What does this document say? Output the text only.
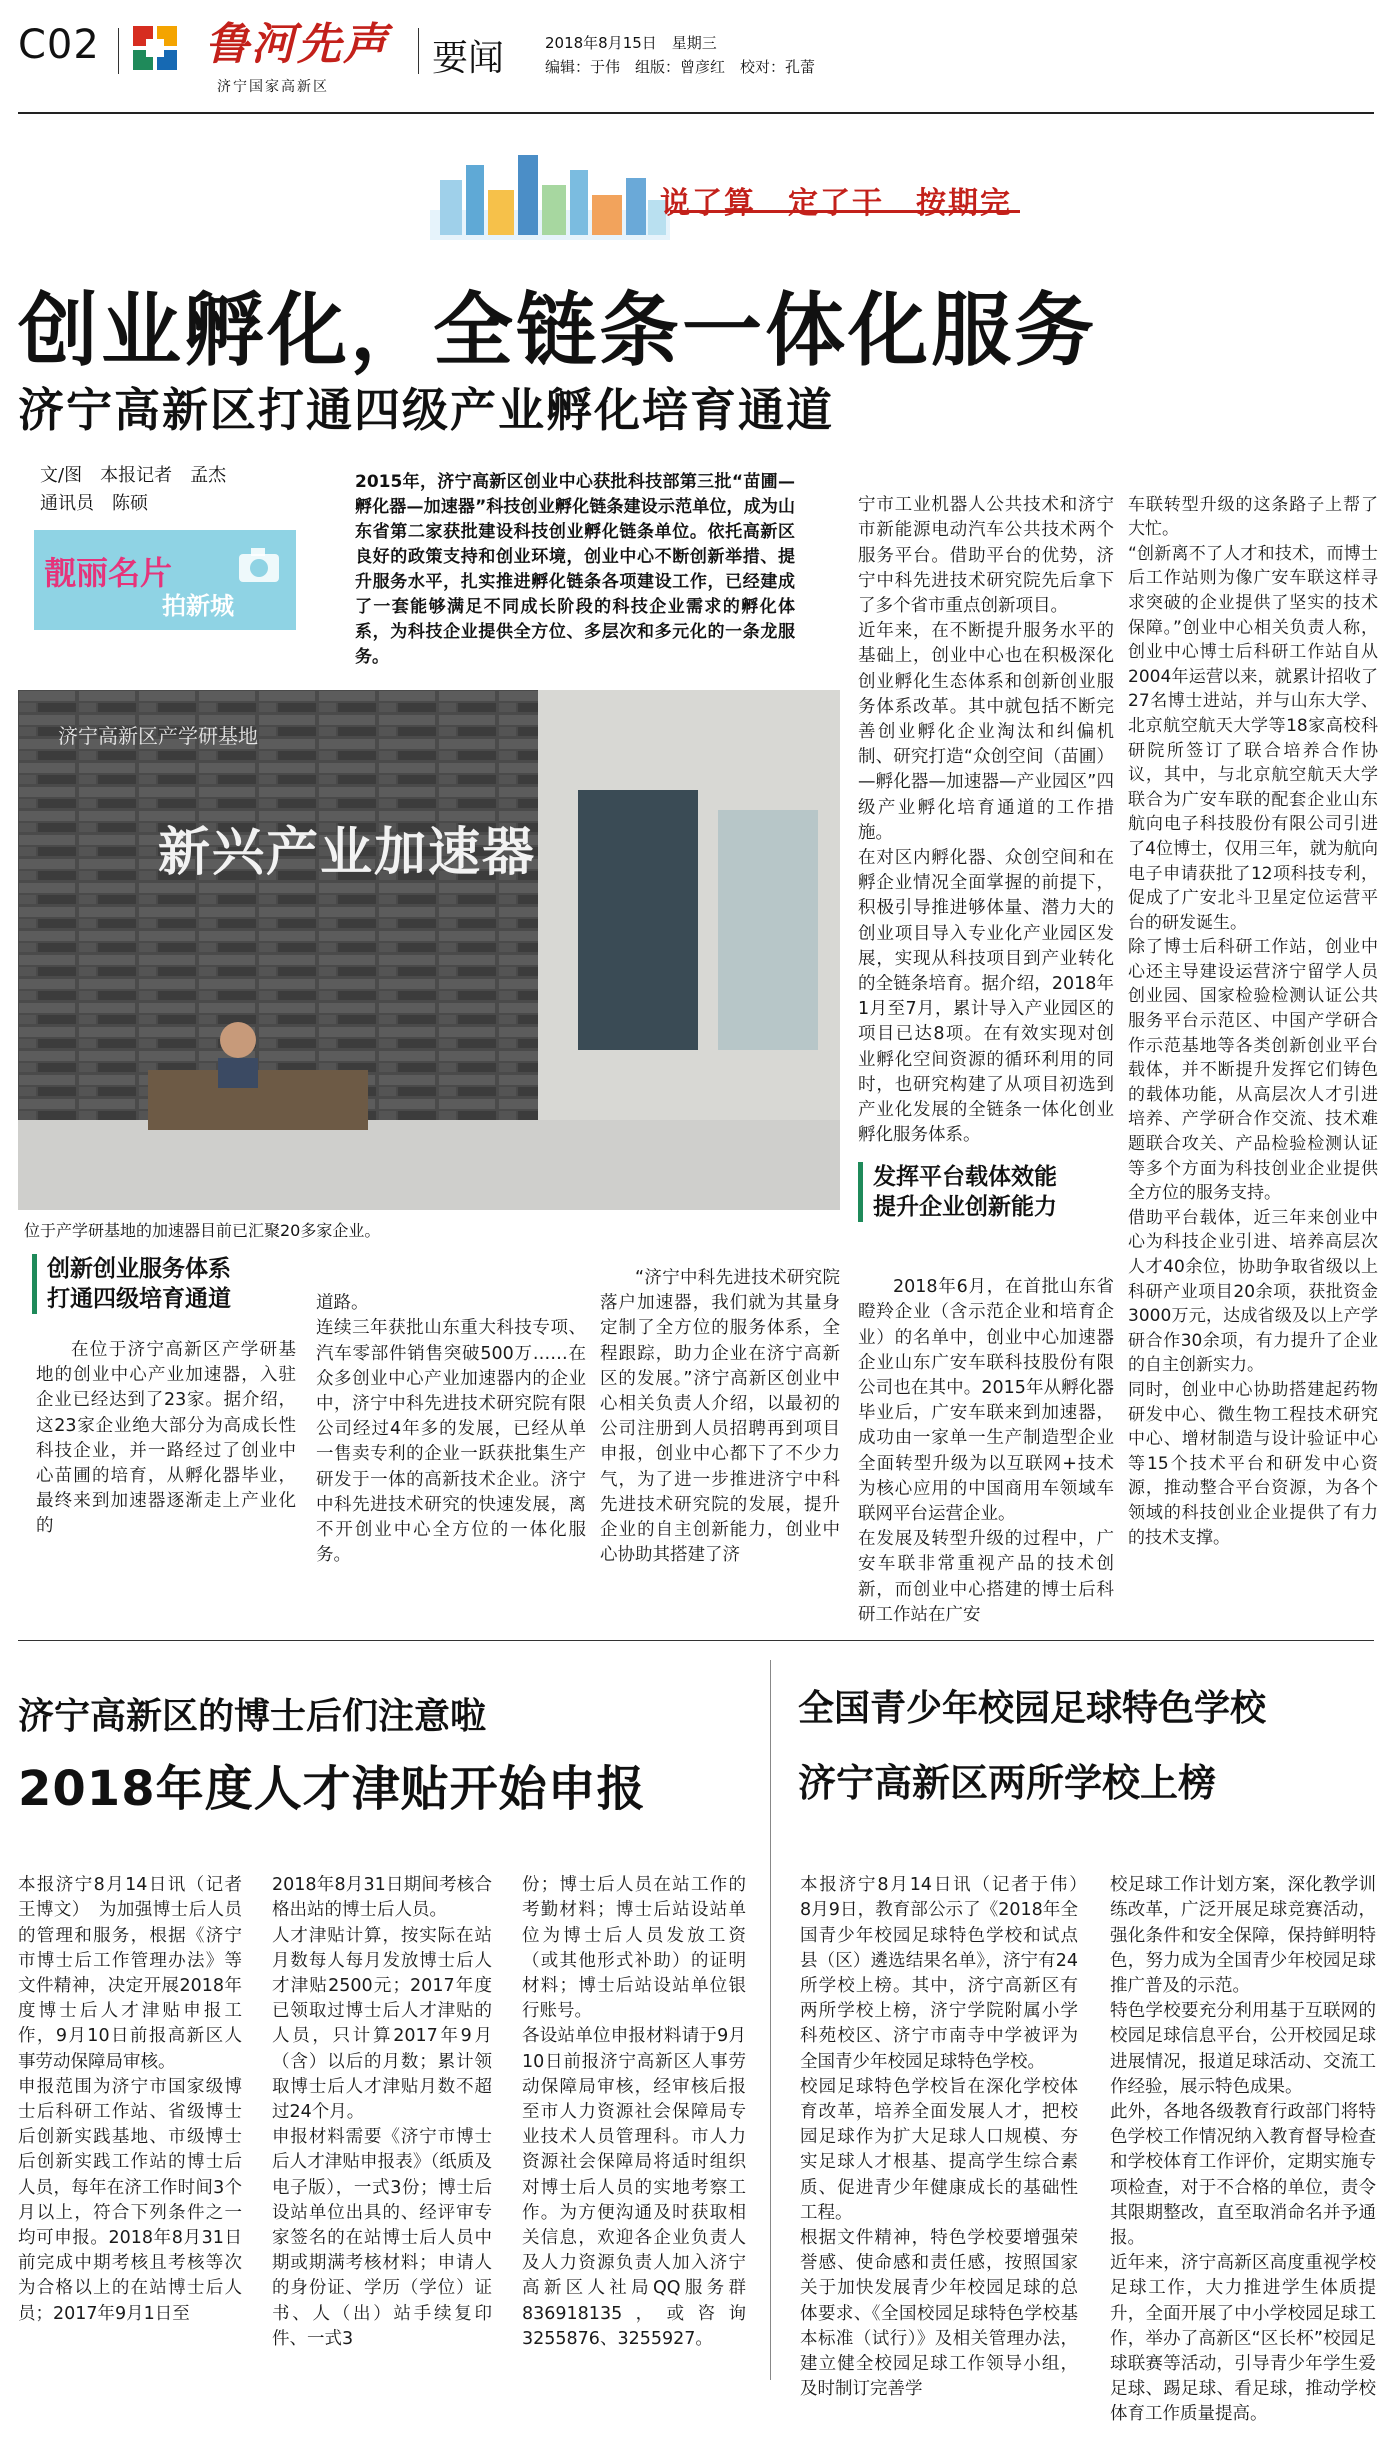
C02 鲁河先声
济宁国家高新区
要闻	2018年8月15日　星期三
编辑：于伟　组版：曾彦红　校对：孔蕾
说了算　定了干　按期完
创业孵化，全链条一体化服务
济宁高新区打通四级产业孵化培育通道
文/图　本报记者　孟杰
通讯员　陈硕
靓丽名片
拍新城
2015年，济宁高新区创业中心获批科技部第三批“苗圃—孵化器—加速器”科技创业孵化链条建设示范单位，成为山东省第二家获批建设科技创业孵化链条单位。依托高新区良好的政策支持和创业环境，创业中心不断创新举措、提升服务水平，扎实推进孵化链条各项建设工作，已经建成了一套能够满足不同成长阶段的科技企业需求的孵化体系，为科技企业提供全方位、多层次和多元化的一条龙服务。
济宁高新区产学研基地
新兴产业加速器
位于产学研基地的加速器目前已汇聚20多家企业。
创新创业服务体系
打通四级培育通道

在位于济宁高新区产学研基地的创业中心产业加速器，入驻企业已经达到了23家。据介绍，这23家企业绝大部分为高成长性科技企业，并一路经过了创业中心苗圃的培育，从孵化器毕业，最终来到加速器逐渐走上产业化的

道路。
连续三年获批山东重大科技专项、汽车零部件销售突破500万……在众多创业中心产业加速器内的企业中，济宁中科先进技术研究院有限公司经过4年多的发展，已经从单一售卖专利的企业一跃获批集生产研发于一体的高新技术企业。济宁中科先进技术研究的快速发展，离不开创业中心全方位的一体化服务。

“济宁中科先进技术研究院落户加速器，我们就为其量身定制了全方位的服务体系，全程跟踪，助力企业在济宁高新区的发展。”济宁高新区创业中心相关负责人介绍，以最初的公司注册到人员招聘再到项目申报，创业中心都下了不少力气，为了进一步推进济宁中科先进技术研究院的发展，提升企业的自主创新能力，创业中心协助其搭建了济

宁市工业机器人公共技术和济宁市新能源电动汽车公共技术两个服务平台。借助平台的优势，济宁中科先进技术研究院先后拿下了多个省市重点创新项目。
近年来，在不断提升服务水平的基础上，创业中心也在积极深化创业孵化生态体系和创新创业服务体系改革。其中就包括不断完善创业孵化企业淘汰和纠偏机制、研究打造“众创空间（苗圃）—孵化器—加速器—产业园区”四级产业孵化培育通道的工作措施。
在对区内孵化器、众创空间和在孵企业情况全面掌握的前提下，积极引导推进够体量、潜力大的创业项目导入专业化产业园区发展，实现从科技项目到产业转化的全链条培育。据介绍，2018年1月至7月，累计导入产业园区的项目已达8项。在有效实现对创业孵化空间资源的循环利用的同时，也研究构建了从项目初选到产业化发展的全链条一体化创业孵化服务体系。

发挥平台载体效能
提升企业创新能力

2018年6月，在首批山东省瞪羚企业（含示范企业和培育企业）的名单中，创业中心加速器企业山东广安车联科技股份有限公司也在其中。2015年从孵化器毕业后，广安车联来到加速器，成功由一家单一生产制造型企业全面转型升级为以互联网+技术为核心应用的中国商用车领域车联网平台运营企业。
在发展及转型升级的过程中，广安车联非常重视产品的技术创新，而创业中心搭建的博士后科研工作站在广安

车联转型升级的这条路子上帮了大忙。
“创新离不了人才和技术，而博士后工作站则为像广安车联这样寻求突破的企业提供了坚实的技术保障。”创业中心相关负责人称，创业中心博士后科研工作站自从2004年运营以来，就累计招收了27名博士进站，并与山东大学、北京航空航天大学等18家高校科研院所签订了联合培养合作协议，其中，与北京航空航天大学联合为广安车联的配套企业山东航向电子科技股份有限公司引进了4位博士，仅用三年，就为航向电子申请获批了12项科技专利，促成了广安北斗卫星定位运营平台的研发诞生。
除了博士后科研工作站，创业中心还主导建设运营济宁留学人员创业园、国家检验检测认证公共服务平台示范区、中国产学研合作示范基地等各类创新创业平台载体，并不断提升发挥它们铸色的载体功能，从高层次人才引进培养、产学研合作交流、技术难题联合攻关、产品检验检测认证等多个方面为科技创业企业提供全方位的服务支持。
借助平台载体，近三年来创业中心为科技企业引进、培养高层次人才40余位，协助争取省级以上科研产业项目20余项，获批资金3000万元，达成省级及以上产学研合作30余项，有力提升了企业的自主创新实力。
同时，创业中心协助搭建起药物研发中心、微生物工程技术研究中心、增材制造与设计验证中心等15个技术平台和研发中心资源，推动整合平台资源，为各个领域的科技创业企业提供了有力的技术支撑。

济宁高新区的博士后们注意啦
2018年度人才津贴开始申报

本报济宁8月14日讯（记者　王博文）　为加强博士后人员的管理和服务，根据《济宁市博士后工作管理办法》等文件精神，决定开展2018年度博士后人才津贴申报工作，9月10日前报高新区人事劳动保障局审核。
申报范围为济宁市国家级博士后科研工作站、省级博士后创新实践基地、市级博士后创新实践工作站的博士后人员，每年在济工作时间3个月以上，符合下列条件之一均可申报。2018年8月31日前完成中期考核且考核等次为合格以上的在站博士后人员；2017年9月1日至

2018年8月31日期间考核合格出站的博士后人员。
人才津贴计算，按实际在站月数每人每月发放博士后人才津贴2500元；2017年度已领取过博士后人才津贴的人员，只计算2017年9月（含）以后的月数；累计领取博士后人才津贴月数不超过24个月。
申报材料需要《济宁市博士后人才津贴申报表》（纸质及电子版），一式3份；博士后设站单位出具的、经评审专家签名的在站博士后人员中期或期满考核材料；申请人的身份证、学历（学位）证书、人（出）站手续复印件、一式3

份；博士后人员在站工作的考勤材料；博士后站设站单位为博士后人员发放工资（或其他形式补助）的证明材料；博士后站设站单位银行账号。
各设站单位申报材料请于9月10日前报济宁高新区人事劳动保障局审核，经审核后报至市人力资源社会保障局专业技术人员管理科。市人力资源社会保障局将适时组织对博士后人员的实地考察工作。为方便沟通及时获取相关信息，欢迎各企业负责人及人力资源负责人加入济宁高新区人社局QQ服务群836918135，或咨询3255876、3255927。

全国青少年校园足球特色学校
济宁高新区两所学校上榜

本报济宁8月14日讯（记者于伟）　8月9日，教育部公示了《2018年全国青少年校园足球特色学校和试点县（区）遴选结果名单》，济宁有24所学校上榜。其中，济宁高新区有两所学校上榜，济宁学院附属小学科苑校区、济宁市南寺中学被评为全国青少年校园足球特色学校。
校园足球特色学校旨在深化学校体育改革，培养全面发展人才，把校园足球作为扩大足球人口规模、夯实足球人才根基、提高学生综合素质、促进青少年健康成长的基础性工程。
根据文件精神，特色学校要增强荣誉感、使命感和责任感，按照国家关于加快发展青少年校园足球的总体要求、《全国校园足球特色学校基本标准（试行）》及相关管理办法，建立健全校园足球工作领导小组，及时制订完善学

校足球工作计划方案，深化教学训练改革，广泛开展足球竞赛活动，强化条件和安全保障，保持鲜明特色，努力成为全国青少年校园足球推广普及的示范。
特色学校要充分利用基于互联网的校园足球信息平台，公开校园足球进展情况，报道足球活动、交流工作经验，展示特色成果。
此外，各地各级教育行政部门将特色学校工作情况纳入教育督导检查和学校体育工作评价，定期实施专项检查，对于不合格的单位，责令其限期整改，直至取消命名并予通报。
近年来，济宁高新区高度重视学校足球工作，大力推进学生体质提升，全面开展了中小学校园足球工作，举办了高新区“区长杯”校园足球联赛等活动，引导青少年学生爱足球、踢足球、看足球，推动学校体育工作质量提高。
